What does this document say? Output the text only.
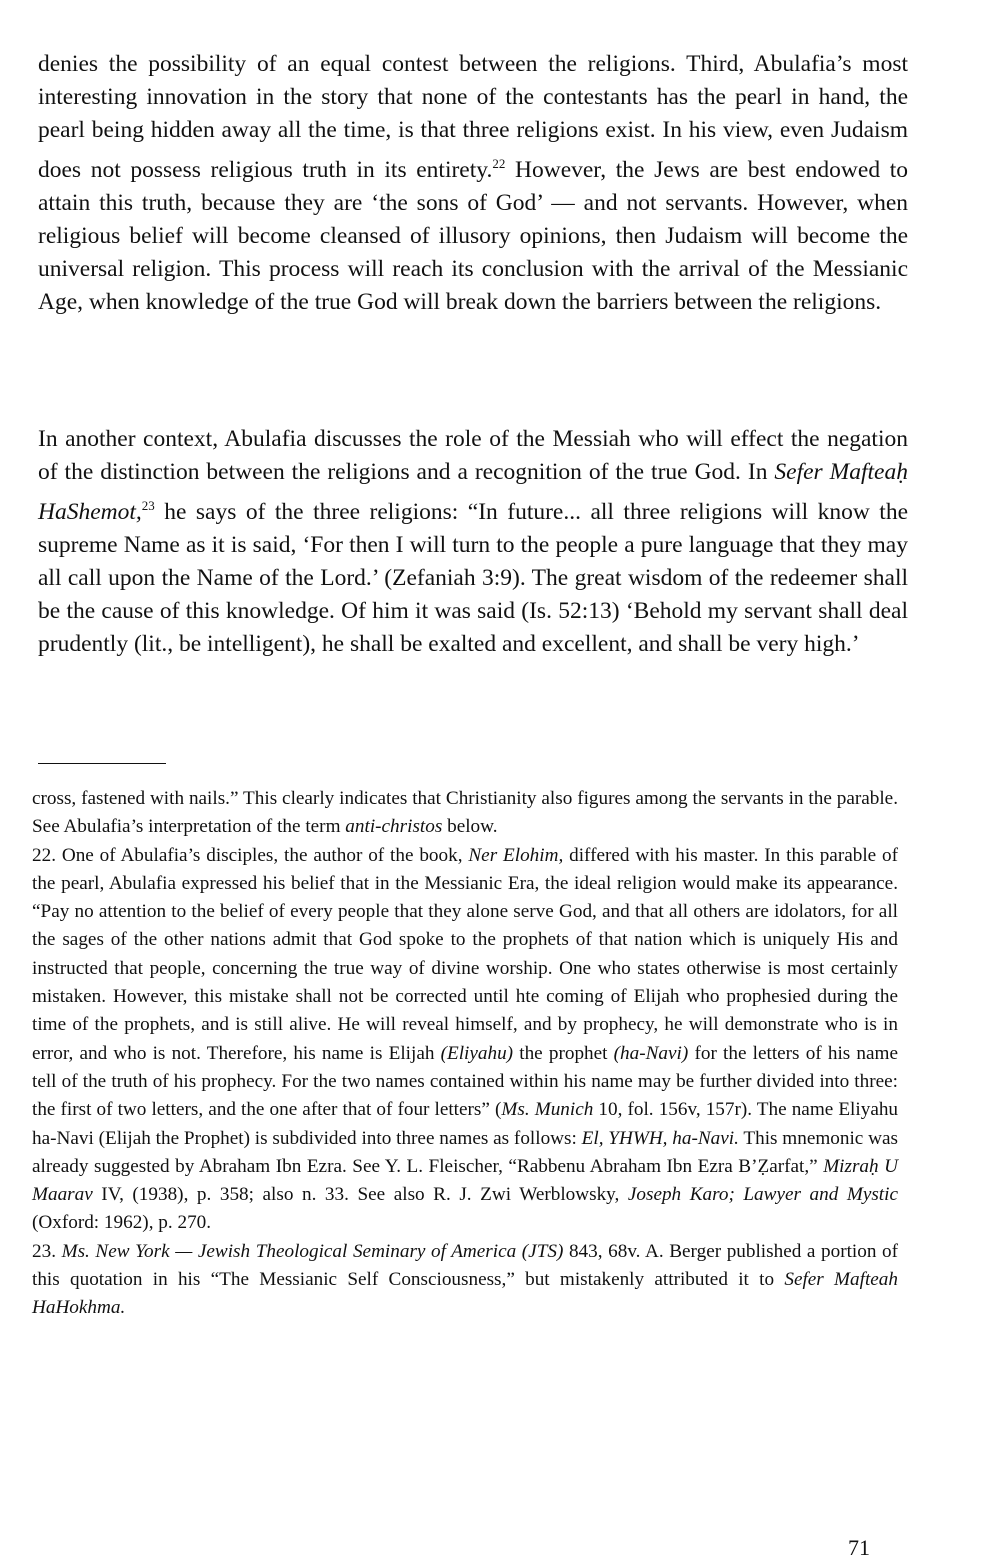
denies the possibility of an equal contest between the religions. Third, Abulafia’s most interesting innovation in the story that none of the contestants has the pearl in hand, the pearl being hidden away all the time, is that three religions exist. In his view, even Judaism does not possess religious truth in its entirety.$^{22}$ However, the Jews are best endowed to attain this truth, because they are ‘the sons of God’ — and not servants. However, when religious belief will become cleansed of illusory opinions, then Judaism will become the universal religion. This process will reach its conclusion with the arrival of the Messianic Age, when knowledge of the true God will break down the barriers between the religions.
In another context, Abulafia discusses the role of the Messiah who will effect the negation of the distinction between the religions and a recognition of the true God. In Sefer Mafteaḥ HaShemot,$^{23}$ he says of the three religions: “In future... all three religions will know the supreme Name as it is said, ‘For then I will turn to the people a pure language that they may all call upon the Name of the Lord.’ (Zefaniah 3:9). The great wisdom of the redeemer shall be the cause of this knowledge. Of him it was said (Is. 52:13) ‘Behold my servant shall deal prudently (lit., be intelligent), he shall be exalted and excellent, and shall be very high.’

cross, fastened with nails.” This clearly indicates that Christianity also figures among the servants in the parable. See Abulafia’s interpretation of the term anti-christos below.

22. One of Abulafia’s disciples, the author of the book, Ner Elohim, differed with his master. In this parable of the pearl, Abulafia expressed his belief that in the Messianic Era, the ideal religion would make its appearance. “Pay no attention to the belief of every people that they alone serve God, and that all others are idolators, for all the sages of the other nations admit that God spoke to the prophets of that nation which is uniquely His and instructed that people, concerning the true way of divine worship. One who states otherwise is most certainly mistaken. However, this mistake shall not be corrected until hte coming of Elijah who prophesied during the time of the prophets, and is still alive. He will reveal himself, and by prophecy, he will demonstrate who is in error, and who is not. Therefore, his name is Elijah (Eliyahu) the prophet (ha-Navi) for the letters of his name tell of the truth of his prophecy. For the two names contained within his name may be further divided into three: the first of two letters, and the one after that of four letters” (Ms. Munich 10, fol. 156v, 157r). The name Eliyahu ha-Navi (Elijah the Prophet) is subdivided into three names as follows: El, YHWH, ha-Navi. This mnemonic was already suggested by Abraham Ibn Ezra. See Y. L. Fleischer, “Rabbenu Abraham Ibn Ezra B’Ẓarfat,” Mizraḥ U Maarav IV, (1938), p. 358; also n. 33. See also R. J. Zwi Werblowsky, Joseph Karo; Lawyer and Mystic (Oxford: 1962), p. 270.

23. Ms. New York — Jewish Theological Seminary of America (JTS) 843, 68v. A. Berger published a portion of this quotation in his “The Messianic Self Consciousness,” but mistakenly attributed it to Sefer Mafteah HaHokhma.

71
